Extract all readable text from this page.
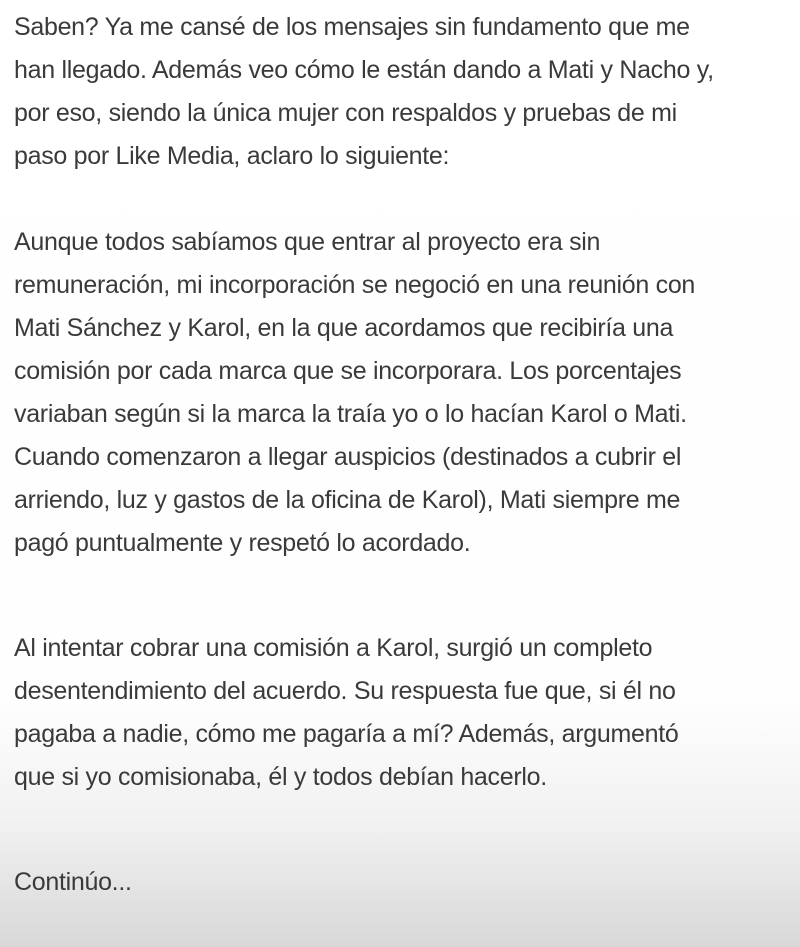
Saben? Ya me cansé de los mensajes sin fundamento que me
han llegado. Además veo cómo le están dando a Mati y Nacho y,
por eso, siendo la única mujer con respaldos y pruebas de mi
paso por Like Media, aclaro lo siguiente:
Aunque todos sabíamos que entrar al proyecto era sin
remuneración, mi incorporación se negoció en una reunión con
Mati Sánchez y Karol, en la que acordamos que recibiría una
comisión por cada marca que se incorporara. Los porcentajes
variaban según si la marca la traía yo o lo hacían Karol o Mati.
Cuando comenzaron a llegar auspicios (destinados a cubrir el
arriendo, luz y gastos de la oficina de Karol), Mati siempre me
pagó puntualmente y respetó lo acordado.
Al intentar cobrar una comisión a Karol, surgió un completo
desentendimiento del acuerdo. Su respuesta fue que, si él no
pagaba a nadie, cómo me pagaría a mí? Además, argumentó
que si yo comisionaba, él y todos debían hacerlo.
Continúo...
